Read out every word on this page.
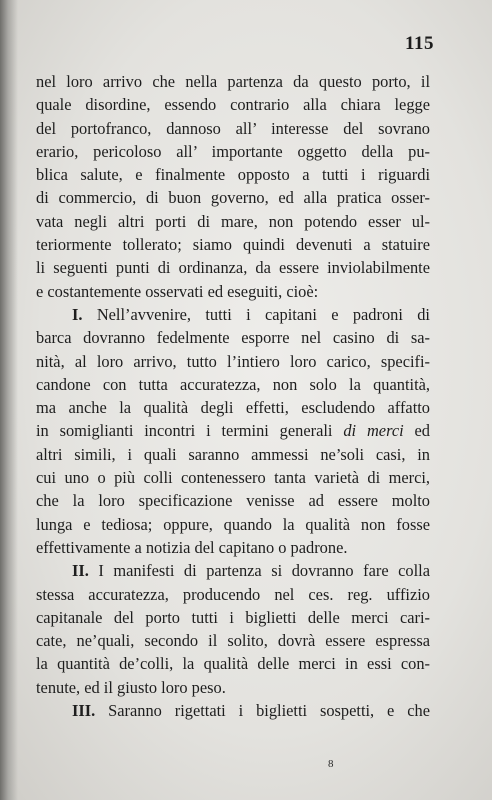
115
nel loro arrivo che nella partenza da questo porto, il
quale disordine, essendo contrario alla chiara legge
del portofranco, dannoso all’ interesse del sovrano
erario, pericoloso all’ importante oggetto della pu-
blica salute, e finalmente opposto a tutti i riguardi
di commercio, di buon governo, ed alla pratica osser-
vata negli altri porti di mare, non potendo esser ul-
teriormente tollerato; siamo quindi devenuti a statuire
li seguenti punti di ordinanza, da essere inviolabilmente
e costantemente osservati ed eseguiti, cioè:
I. Nell’avvenire, tutti i capitani e padroni di
barca dovranno fedelmente esporre nel casino di sa-
nità, al loro arrivo, tutto l’intiero loro carico, specifi-
candone con tutta accuratezza, non solo la quantità,
ma anche la qualità degli effetti, escludendo affatto
in somiglianti incontri i termini generali di merci ed
altri simili, i quali saranno ammessi ne’soli casi, in
cui uno o più colli contenessero tanta varietà di merci,
che la loro specificazione venisse ad essere molto
lunga e tediosa; oppure, quando la qualità non fosse
effettivamente a notizia del capitano o padrone.
II. I manifesti di partenza si dovranno fare colla
stessa accuratezza, producendo nel ces. reg. uffizio
capitanale del porto tutti i biglietti delle merci cari-
cate, ne’quali, secondo il solito, dovrà essere espressa
la quantità de’colli, la qualità delle merci in essi con-
tenute, ed il giusto loro peso.
III. Saranno rigettati i biglietti sospetti, e che
8
